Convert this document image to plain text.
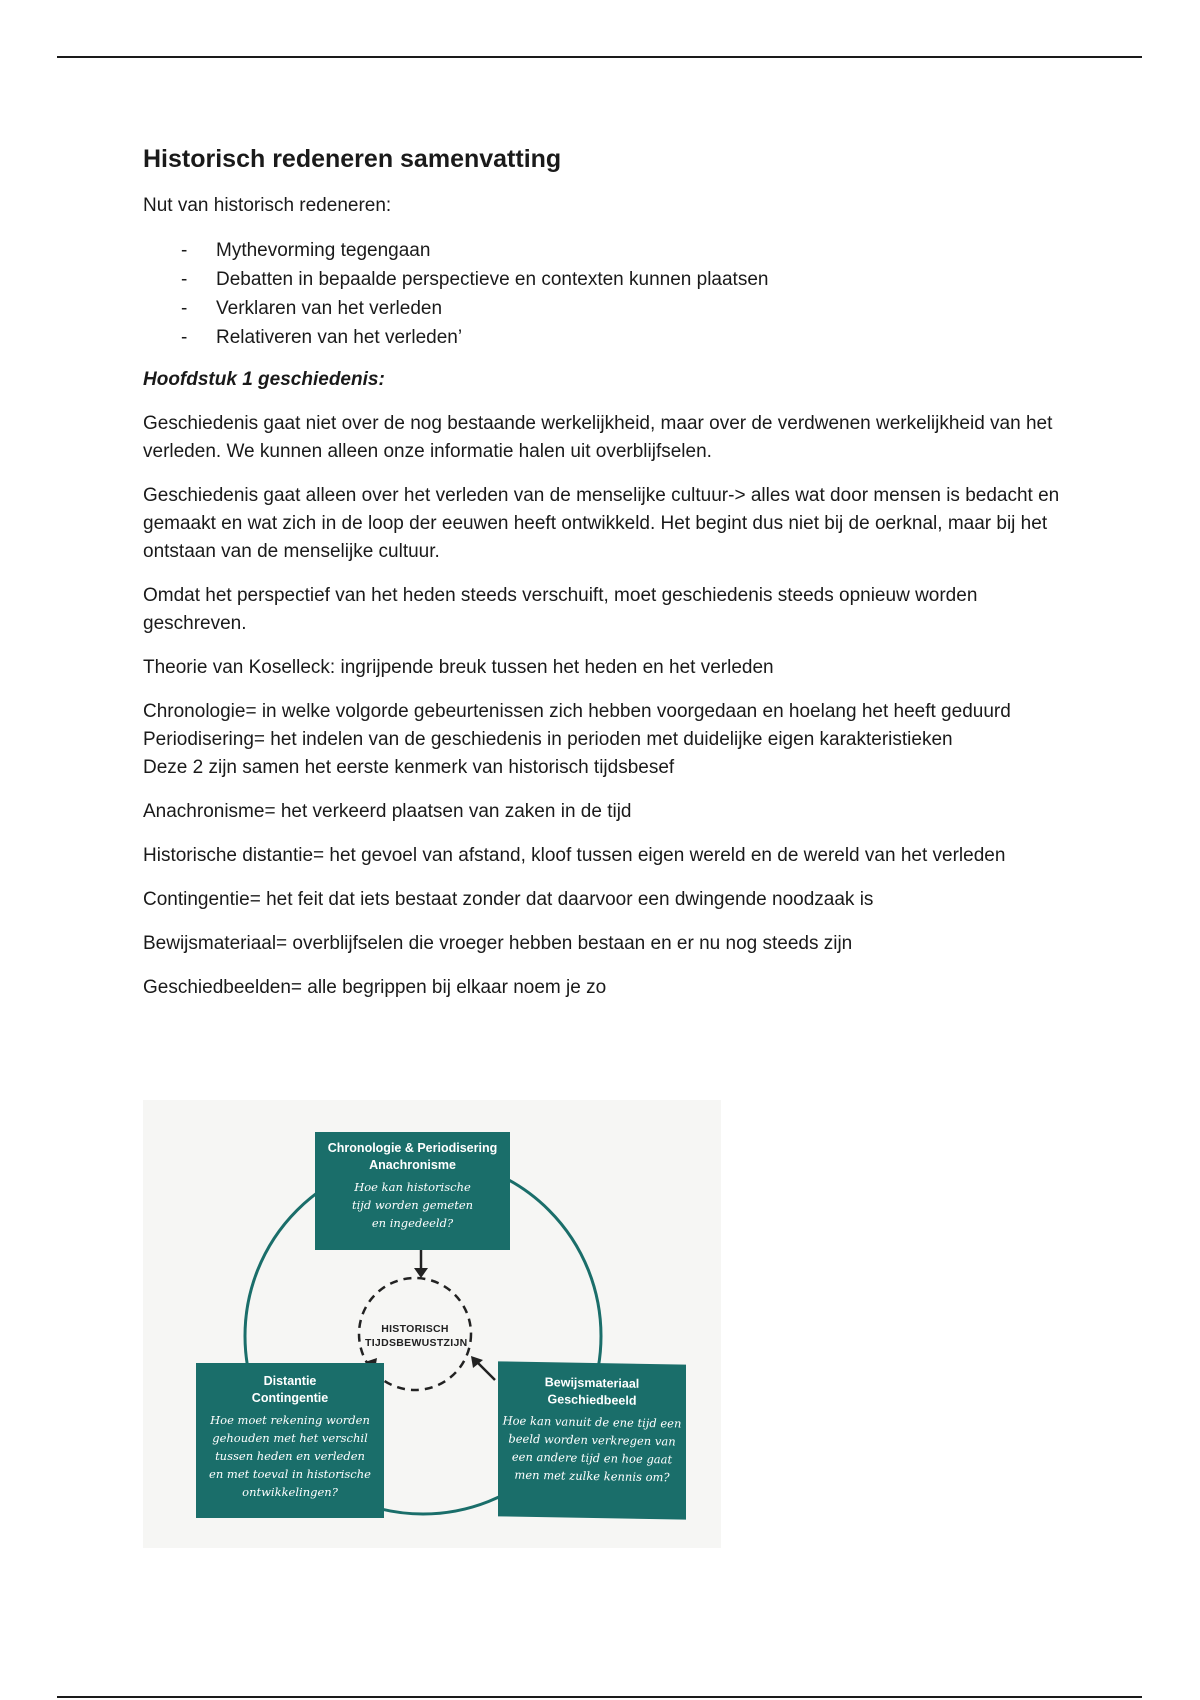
Historisch redeneren samenvatting

Nut van historisch redeneren:

- Mythevorming tegengaan
- Debatten in bepaalde perspectieve en contexten kunnen plaatsen
- Verklaren van het verleden
- Relativeren van het verleden’

Hoofdstuk 1 geschiedenis:

Geschiedenis gaat niet over de nog bestaande werkelijkheid, maar over de verdwenen werkelijkheid van het verleden. We kunnen alleen onze informatie halen uit overblijfselen.

Geschiedenis gaat alleen over het verleden van de menselijke cultuur-> alles wat door mensen is bedacht en gemaakt en wat zich in de loop der eeuwen heeft ontwikkeld. Het begint dus niet bij de oerknal, maar bij het ontstaan van de menselijke cultuur.

Omdat het perspectief van het heden steeds verschuift, moet geschiedenis steeds opnieuw worden geschreven.

Theorie van Koselleck: ingrijpende breuk tussen het heden en het verleden

Chronologie= in welke volgorde gebeurtenissen zich hebben voorgedaan en hoelang het heeft geduurd

Periodisering= het indelen van de geschiedenis in perioden met duidelijke eigen karakteristieken

Deze 2 zijn samen het eerste kenmerk van historisch tijdsbesef

Anachronisme= het verkeerd plaatsen van zaken in de tijd

Historische distantie= het gevoel van afstand, kloof tussen eigen wereld en de wereld van het verleden

Contingentie= het feit dat iets bestaat zonder dat daarvoor een dwingende noodzaak is

Bewijsmateriaal= overblijfselen die vroeger hebben bestaan en er nu nog steeds zijn

Geschiedbeelden= alle begrippen bij elkaar noem je zo

HISTORISCH
TIJDSBEWUSTZIJN
Chronologie & Periodisering
Anachronisme
Hoe kan historische
tijd worden gemeten
en ingedeeld?
Distantie
Contingentie
Hoe moet rekening worden
gehouden met het verschil
tussen heden en verleden
en met toeval in historische
ontwikkelingen?
Bewijsmateriaal
Geschiedbeeld
Hoe kan vanuit de ene tijd een
beeld worden verkregen van
een andere tijd en hoe gaat
men met zulke kennis om?
